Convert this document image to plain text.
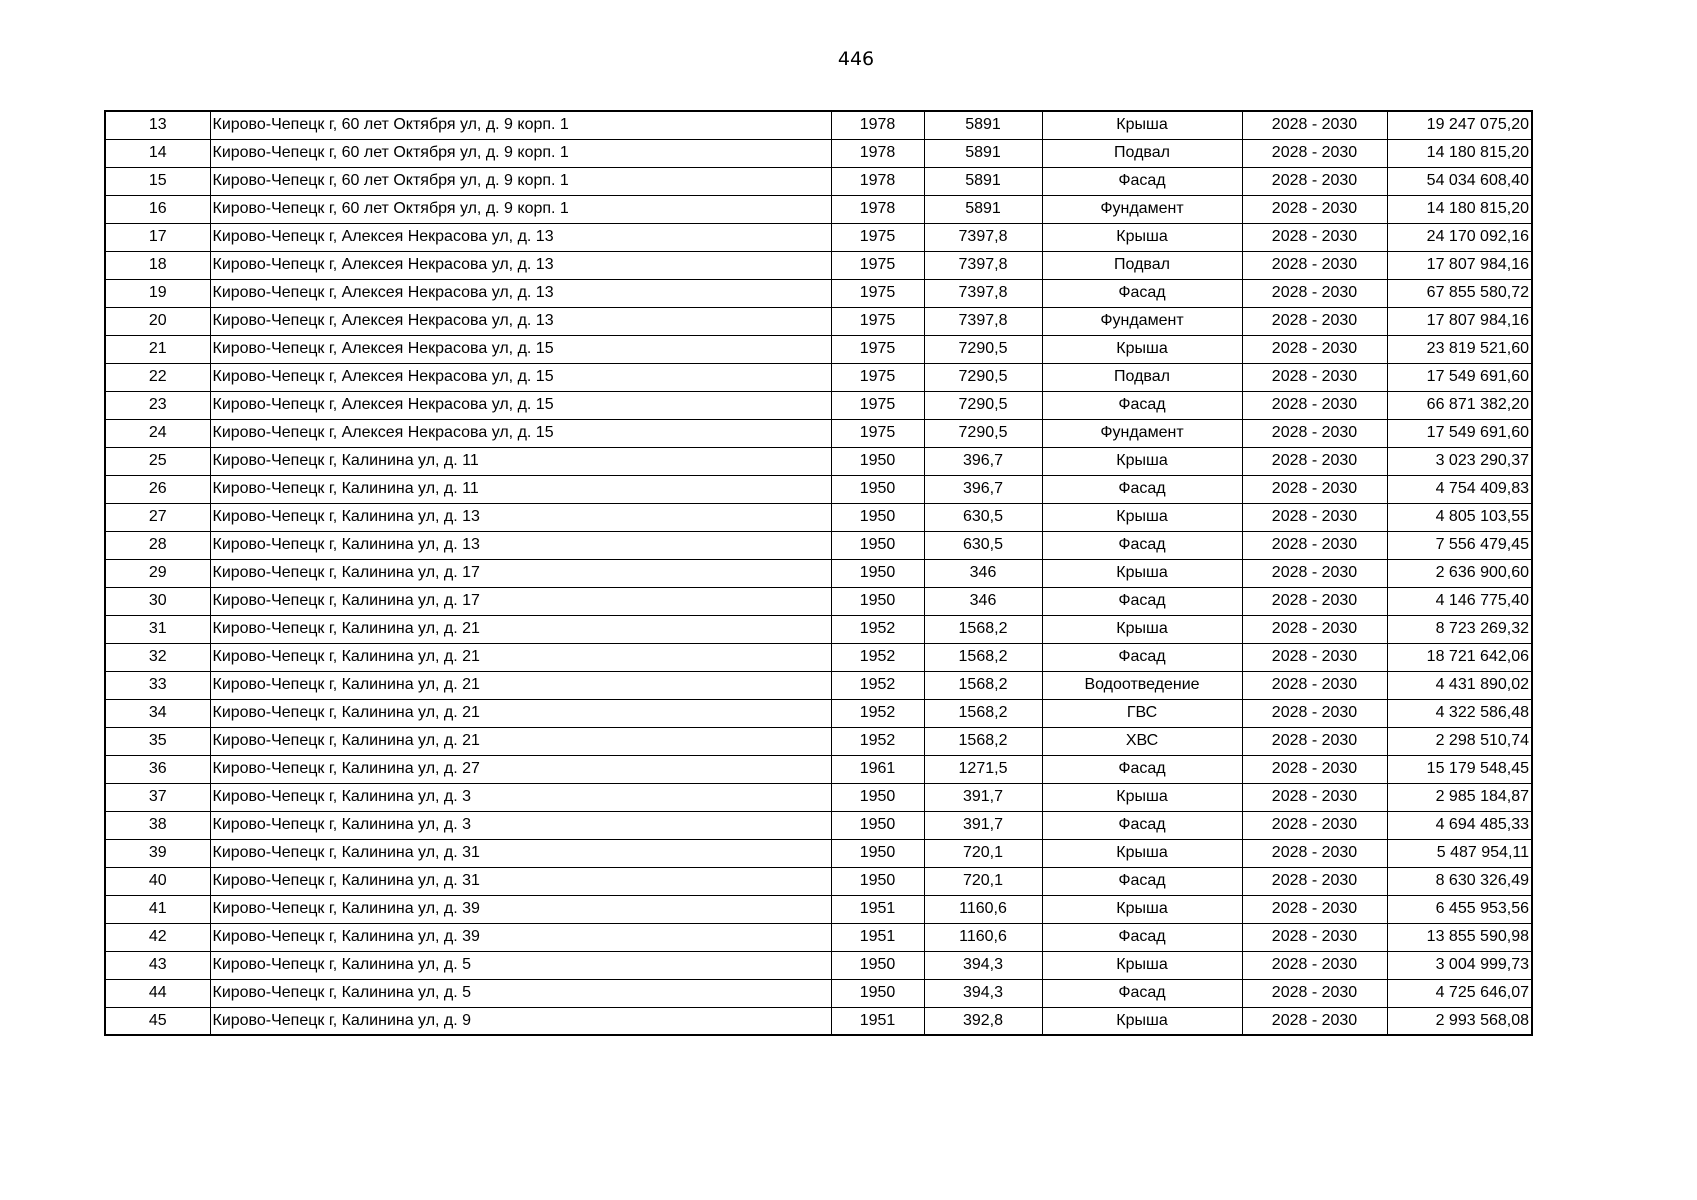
446
13	Кирово-Чепецк г, 60 лет Октября ул, д. 9 корп. 1	1978	5891	Крыша	2028 - 2030	19 247 075,20
14	Кирово-Чепецк г, 60 лет Октября ул, д. 9 корп. 1	1978	5891	Подвал	2028 - 2030	14 180 815,20
15	Кирово-Чепецк г, 60 лет Октября ул, д. 9 корп. 1	1978	5891	Фасад	2028 - 2030	54 034 608,40
16	Кирово-Чепецк г, 60 лет Октября ул, д. 9 корп. 1	1978	5891	Фундамент	2028 - 2030	14 180 815,20
17	Кирово-Чепецк г, Алексея Некрасова ул, д. 13	1975	7397,8	Крыша	2028 - 2030	24 170 092,16
18	Кирово-Чепецк г, Алексея Некрасова ул, д. 13	1975	7397,8	Подвал	2028 - 2030	17 807 984,16
19	Кирово-Чепецк г, Алексея Некрасова ул, д. 13	1975	7397,8	Фасад	2028 - 2030	67 855 580,72
20	Кирово-Чепецк г, Алексея Некрасова ул, д. 13	1975	7397,8	Фундамент	2028 - 2030	17 807 984,16
21	Кирово-Чепецк г, Алексея Некрасова ул, д. 15	1975	7290,5	Крыша	2028 - 2030	23 819 521,60
22	Кирово-Чепецк г, Алексея Некрасова ул, д. 15	1975	7290,5	Подвал	2028 - 2030	17 549 691,60
23	Кирово-Чепецк г, Алексея Некрасова ул, д. 15	1975	7290,5	Фасад	2028 - 2030	66 871 382,20
24	Кирово-Чепецк г, Алексея Некрасова ул, д. 15	1975	7290,5	Фундамент	2028 - 2030	17 549 691,60
25	Кирово-Чепецк г, Калинина ул, д. 11	1950	396,7	Крыша	2028 - 2030	3 023 290,37
26	Кирово-Чепецк г, Калинина ул, д. 11	1950	396,7	Фасад	2028 - 2030	4 754 409,83
27	Кирово-Чепецк г, Калинина ул, д. 13	1950	630,5	Крыша	2028 - 2030	4 805 103,55
28	Кирово-Чепецк г, Калинина ул, д. 13	1950	630,5	Фасад	2028 - 2030	7 556 479,45
29	Кирово-Чепецк г, Калинина ул, д. 17	1950	346	Крыша	2028 - 2030	2 636 900,60
30	Кирово-Чепецк г, Калинина ул, д. 17	1950	346	Фасад	2028 - 2030	4 146 775,40
31	Кирово-Чепецк г, Калинина ул, д. 21	1952	1568,2	Крыша	2028 - 2030	8 723 269,32
32	Кирово-Чепецк г, Калинина ул, д. 21	1952	1568,2	Фасад	2028 - 2030	18 721 642,06
33	Кирово-Чепецк г, Калинина ул, д. 21	1952	1568,2	Водоотведение	2028 - 2030	4 431 890,02
34	Кирово-Чепецк г, Калинина ул, д. 21	1952	1568,2	ГВС	2028 - 2030	4 322 586,48
35	Кирово-Чепецк г, Калинина ул, д. 21	1952	1568,2	ХВС	2028 - 2030	2 298 510,74
36	Кирово-Чепецк г, Калинина ул, д. 27	1961	1271,5	Фасад	2028 - 2030	15 179 548,45
37	Кирово-Чепецк г, Калинина ул, д. 3	1950	391,7	Крыша	2028 - 2030	2 985 184,87
38	Кирово-Чепецк г, Калинина ул, д. 3	1950	391,7	Фасад	2028 - 2030	4 694 485,33
39	Кирово-Чепецк г, Калинина ул, д. 31	1950	720,1	Крыша	2028 - 2030	5 487 954,11
40	Кирово-Чепецк г, Калинина ул, д. 31	1950	720,1	Фасад	2028 - 2030	8 630 326,49
41	Кирово-Чепецк г, Калинина ул, д. 39	1951	1160,6	Крыша	2028 - 2030	6 455 953,56
42	Кирово-Чепецк г, Калинина ул, д. 39	1951	1160,6	Фасад	2028 - 2030	13 855 590,98
43	Кирово-Чепецк г, Калинина ул, д. 5	1950	394,3	Крыша	2028 - 2030	3 004 999,73
44	Кирово-Чепецк г, Калинина ул, д. 5	1950	394,3	Фасад	2028 - 2030	4 725 646,07
45	Кирово-Чепецк г, Калинина ул, д. 9	1951	392,8	Крыша	2028 - 2030	2 993 568,08
